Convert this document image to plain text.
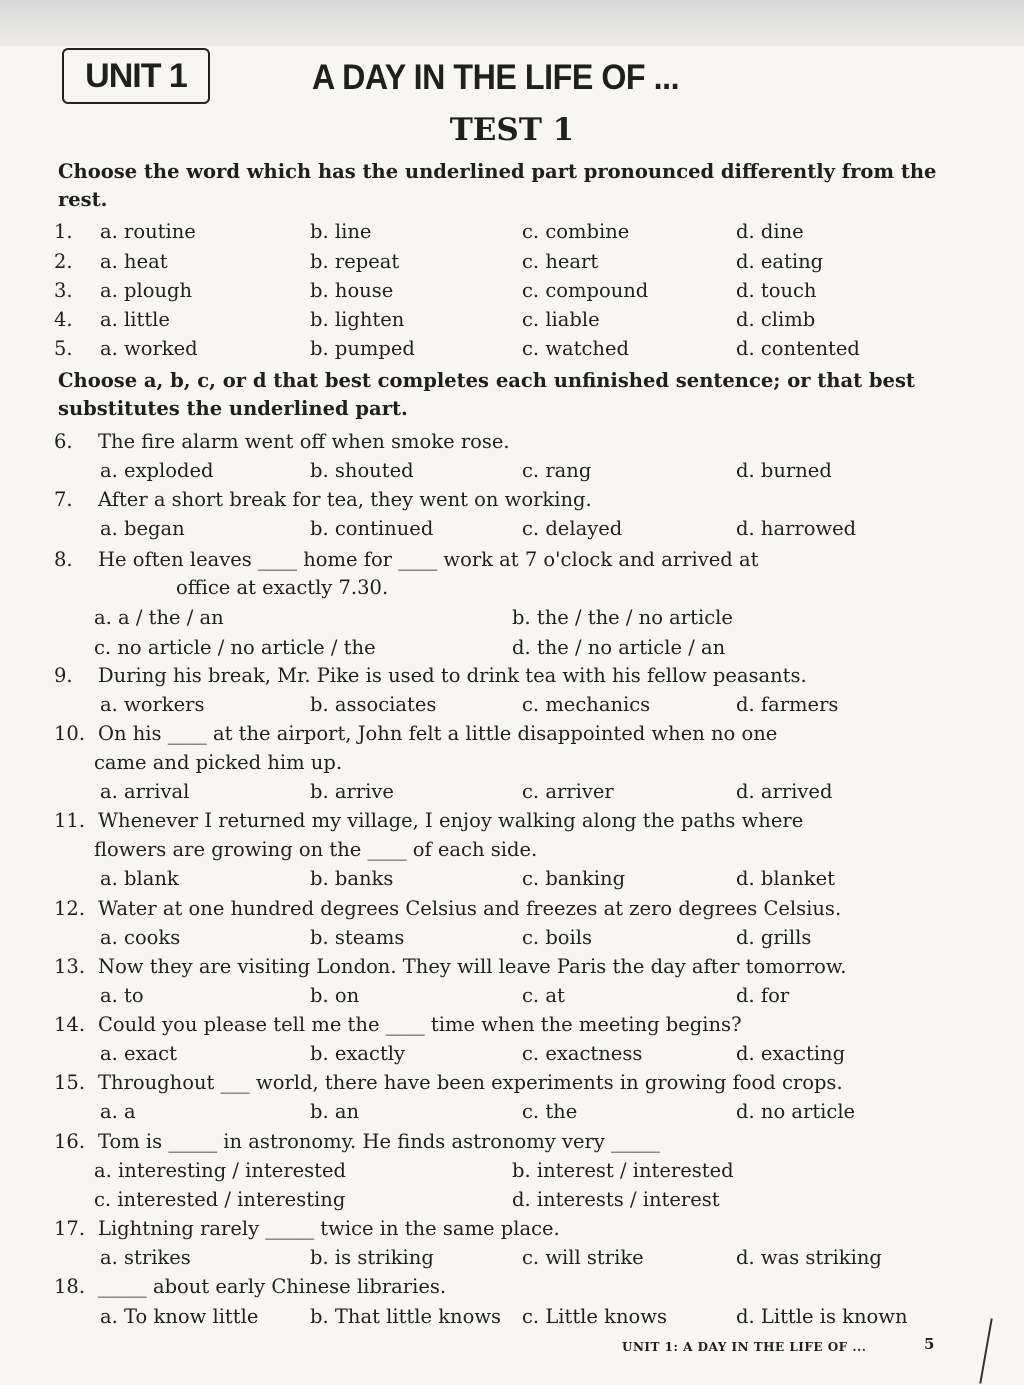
UNIT 1	A DAY IN THE LIFE OF ...
TEST 1
Choose the word which has the underlined part pronounced differently from the rest.
1. a. routine	b. line	c. combine	d. dine
2. a. heat	b. repeat	c. heart	d. eating
3. a. plough	b. house	c. compound	d. touch
4. a. little	b. lighten	c. liable	d. climb
5. a. worked	b. pumped	c. watched	d. contented
6. The fire alarm went off when smoke rose.
a. exploded	b. shouted	c. rang	d. burned
7. After a short break for tea, they went on working.
a. began	b. continued	c. delayed	d. harrowed
8. He often leaves ____ home for ____ work at 7 o'clock and arrived at
office at exactly 7.30.
a. a / the / an	b. the / the / no article
c. no article / no article / the	d. the / no article / an
9. During his break, Mr. Pike is used to drink tea with his fellow peasants.
a. workers	b. associates	c. mechanics	d. farmers
10. On his ____ at the airport, John felt a little disappointed when no one
came and picked him up.
a. arrival	b. arrive	c. arriver	d. arrived
11. Whenever I returned my village, I enjoy walking along the paths where
flowers are growing on the ____ of each side.
a. blank	b. banks	c. banking	d. blanket
12. Water at one hundred degrees Celsius and freezes at zero degrees Celsius.
a. cooks	b. steams	c. boils	d. grills
13. Now they are visiting London. They will leave Paris the day after tomorrow.
a. to	b. on	c. at	d. for
14. Could you please tell me the ____ time when the meeting begins?
a. exact	b. exactly	c. exactness	d. exacting
15. Throughout ___ world, there have been experiments in growing food crops.
a. a	b. an	c. the	d. no article
16. Tom is _____ in astronomy. He finds astronomy very _____
a. interesting / interested	b. interest / interested
c. interested / interesting	d. interests / interest
17. Lightning rarely _____ twice in the same place.
a. strikes	b. is striking	c. will strike	d. was striking
18. _____ about early Chinese libraries.
a. To know little	b. That little knows c. Little knows	d. Little is known
Choose a, b, c, or d that best completes each unfinished sentence; or that best substitutes the underlined part.
UNIT 1: A DAY IN THE LIFE OF ...	5
